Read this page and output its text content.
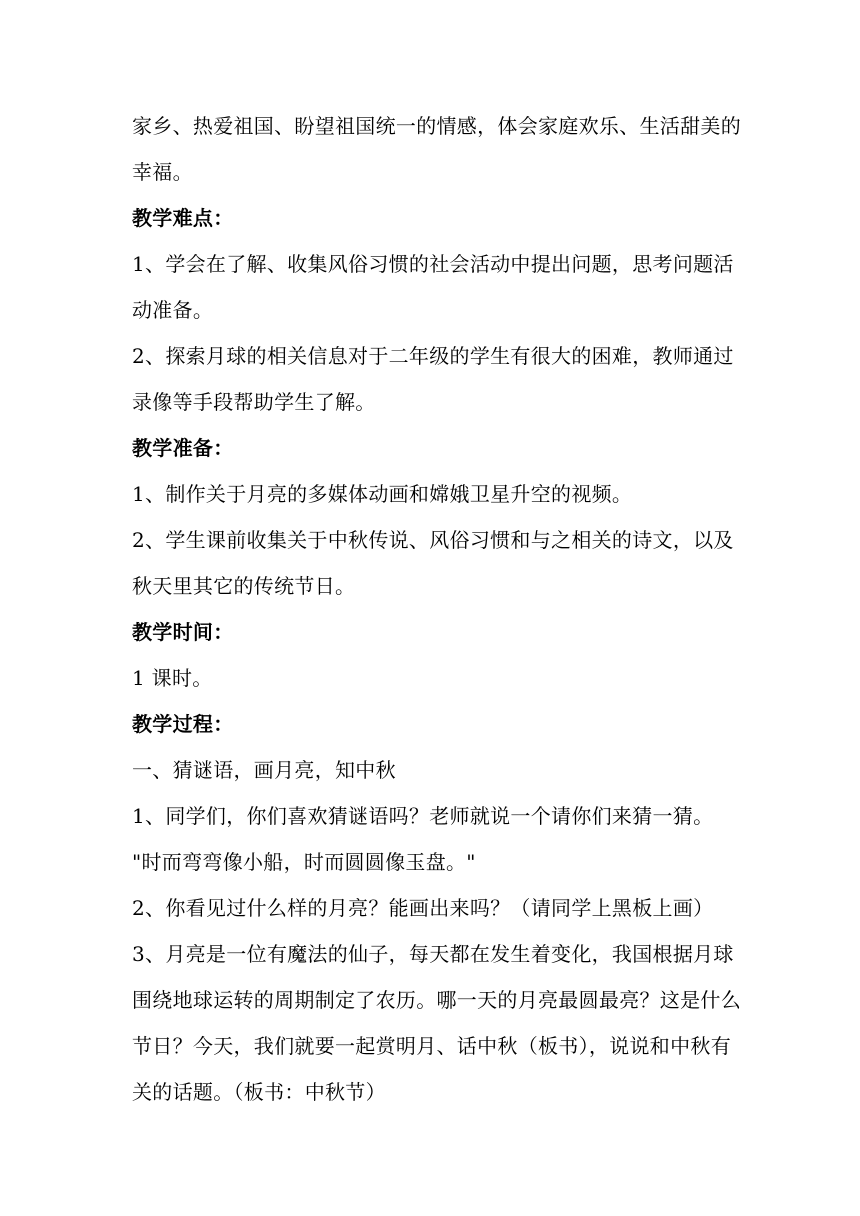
家乡、热爱祖国、盼望祖国统一的情感，体会家庭欢乐、生活甜美的
幸福。
教学难点：
1、学会在了解、收集风俗习惯的社会活动中提出问题，思考问题活
动准备。
2、探索月球的相关信息对于二年级的学生有很大的困难，教师通过
录像等手段帮助学生了解。
教学准备：
1、制作关于月亮的多媒体动画和嫦娥卫星升空的视频。
2、学生课前收集关于中秋传说、风俗习惯和与之相关的诗文，以及
秋天里其它的传统节日。
教学时间：
1 课时。
教学过程：
一、猜谜语，画月亮，知中秋
1、同学们，你们喜欢猜谜语吗？老师就说一个请你们来猜一猜。
"时而弯弯像小船，时而圆圆像玉盘。"
2、你看见过什么样的月亮？能画出来吗？（请同学上黑板上画）
3、月亮是一位有魔法的仙子，每天都在发生着变化，我国根据月球
围绕地球运转的周期制定了农历。哪一天的月亮最圆最亮？这是什么
节日？今天，我们就要一起赏明月、话中秋（板书），说说和中秋有
关的话题。（板书：中秋节）
